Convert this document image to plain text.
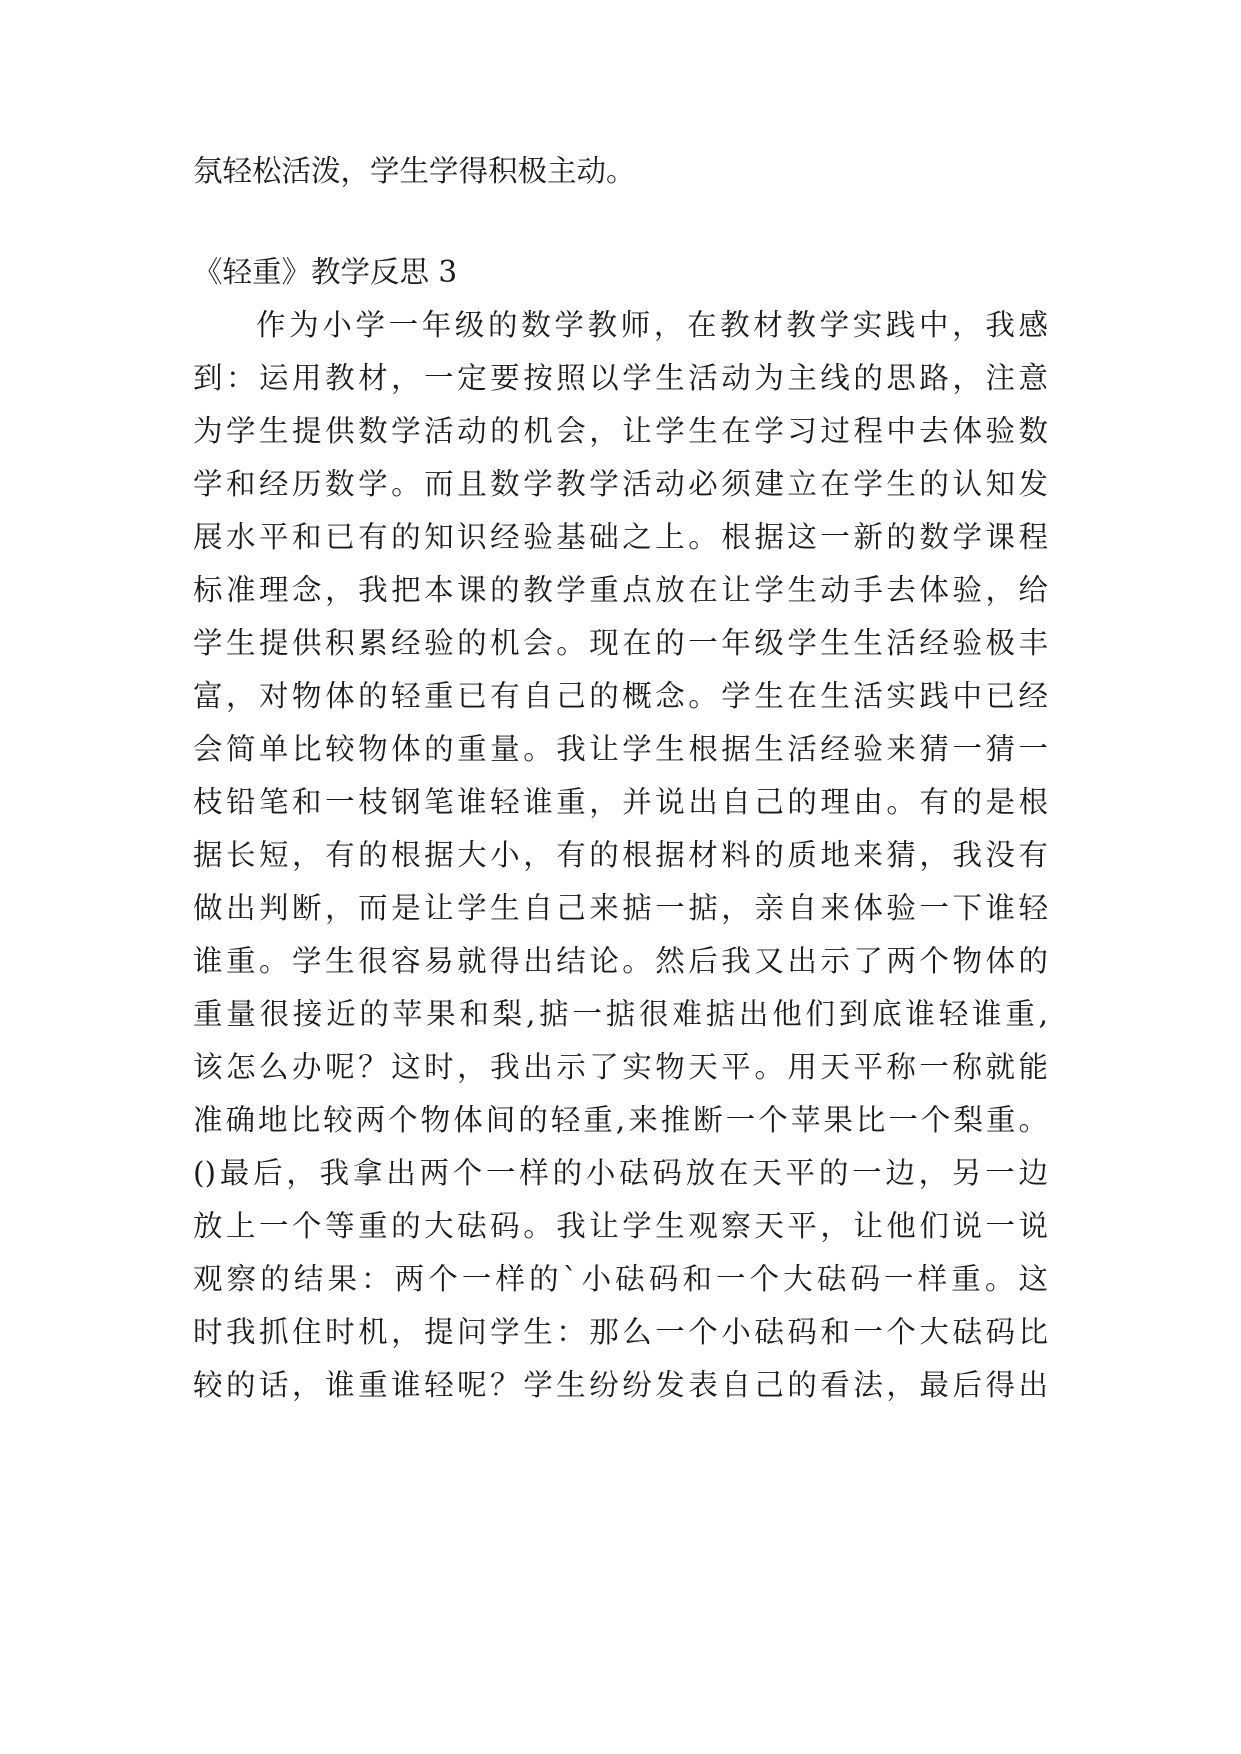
氛轻松活泼，学生学得积极主动。
《轻重》教学反思 3
作为小学一年级的数学教师，在教材教学实践中，我感
到：运用教材，一定要按照以学生活动为主线的思路，注意
为学生提供数学活动的机会，让学生在学习过程中去体验数
学和经历数学。而且数学教学活动必须建立在学生的认知发
展水平和已有的知识经验基础之上。根据这一新的数学课程
标准理念，我把本课的教学重点放在让学生动手去体验，给
学生提供积累经验的机会。现在的一年级学生生活经验极丰
富，对物体的轻重已有自己的概念。学生在生活实践中已经
会简单比较物体的重量。我让学生根据生活经验来猜一猜一
枝铅笔和一枝钢笔谁轻谁重，并说出自己的理由。有的是根
据长短，有的根据大小，有的根据材料的质地来猜，我没有
做出判断，而是让学生自己来掂一掂，亲自来体验一下谁轻
谁重。学生很容易就得出结论。然后我又出示了两个物体的
重量很接近的苹果和梨,掂一掂很难掂出他们到底谁轻谁重,
该怎么办呢？这时，我出示了实物天平。用天平称一称就能
准确地比较两个物体间的轻重,来推断一个苹果比一个梨重。
()最后，我拿出两个一样的小砝码放在天平的一边，另一边
放上一个等重的大砝码。我让学生观察天平，让他们说一说
观察的结果：两个一样的`小砝码和一个大砝码一样重。这
时我抓住时机，提问学生：那么一个小砝码和一个大砝码比
较的话，谁重谁轻呢？学生纷纷发表自己的看法，最后得出
